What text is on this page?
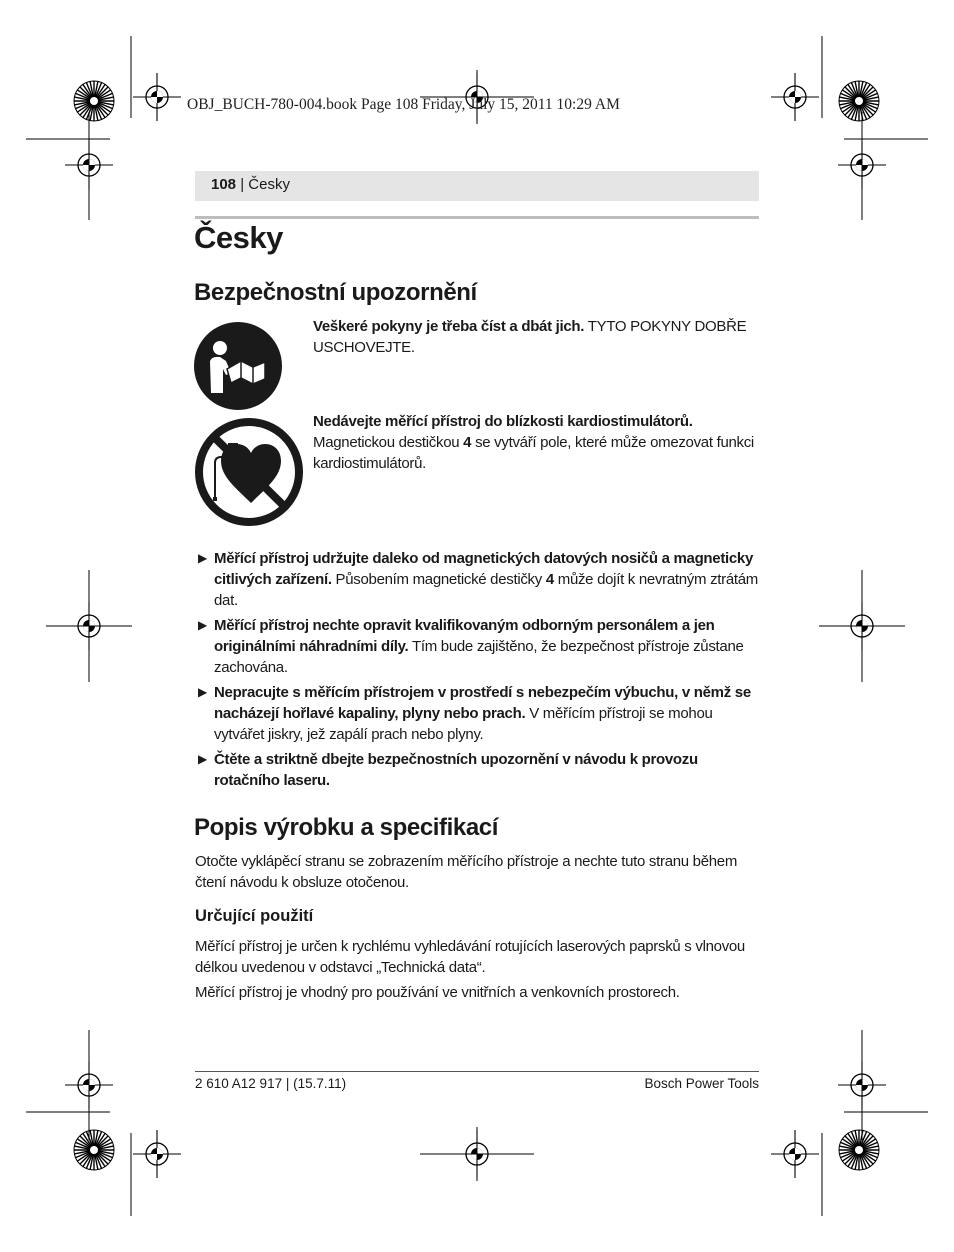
OBJ_BUCH-780-004.book Page 108 Friday, July 15, 2011 10:29 AM
108 | Česky
Česky
Bezpečnostní upozornění
Veškeré pokyny je třeba číst a dbát jich. TYTO POKYNY DOBŘE USCHOVEJTE.
Nedávejte měřící přístroj do blízkosti kardiostimulátorů. Magnetickou destičkou 4 se vytváří pole, které může omezovat funkci kardiostimulátorů.
▶ Měřící přístroj udržujte daleko od magnetických datových nosičů a magneticky citlivých zařízení. Působením magnetické destičky 4 může dojít k nevratným ztrátám dat.
▶ Měřící přístroj nechte opravit kvalifikovaným odborným personálem a jen originálními náhradními díly. Tím bude zajištěno, že bezpečnost přístroje zůstane zachována.
▶ Nepracujte s měřícím přístrojem v prostředí s nebezpečím výbuchu, v němž se nacházejí hořlavé kapaliny, plyny nebo prach. V měřícím přístroji se mohou vytvářet jiskry, jež zapálí prach nebo plyny.
▶ Čtěte a striktně dbejte bezpečnostních upozornění v návodu k provozu rotačního laseru.
Popis výrobku a specifikací
Otočte vyklápěcí stranu se zobrazením měřícího přístroje a nechte tuto stranu během čtení návodu k obsluze otočenou.
Určující použití
Měřící přístroj je určen k rychlému vyhledávání rotujících laserových paprsků s vlnovou délkou uvedenou v odstavci „Technická data“.
Měřící přístroj je vhodný pro používání ve vnitřních a venkovních prostorech.
2 610 A12 917 | (15.7.11)	Bosch Power Tools
